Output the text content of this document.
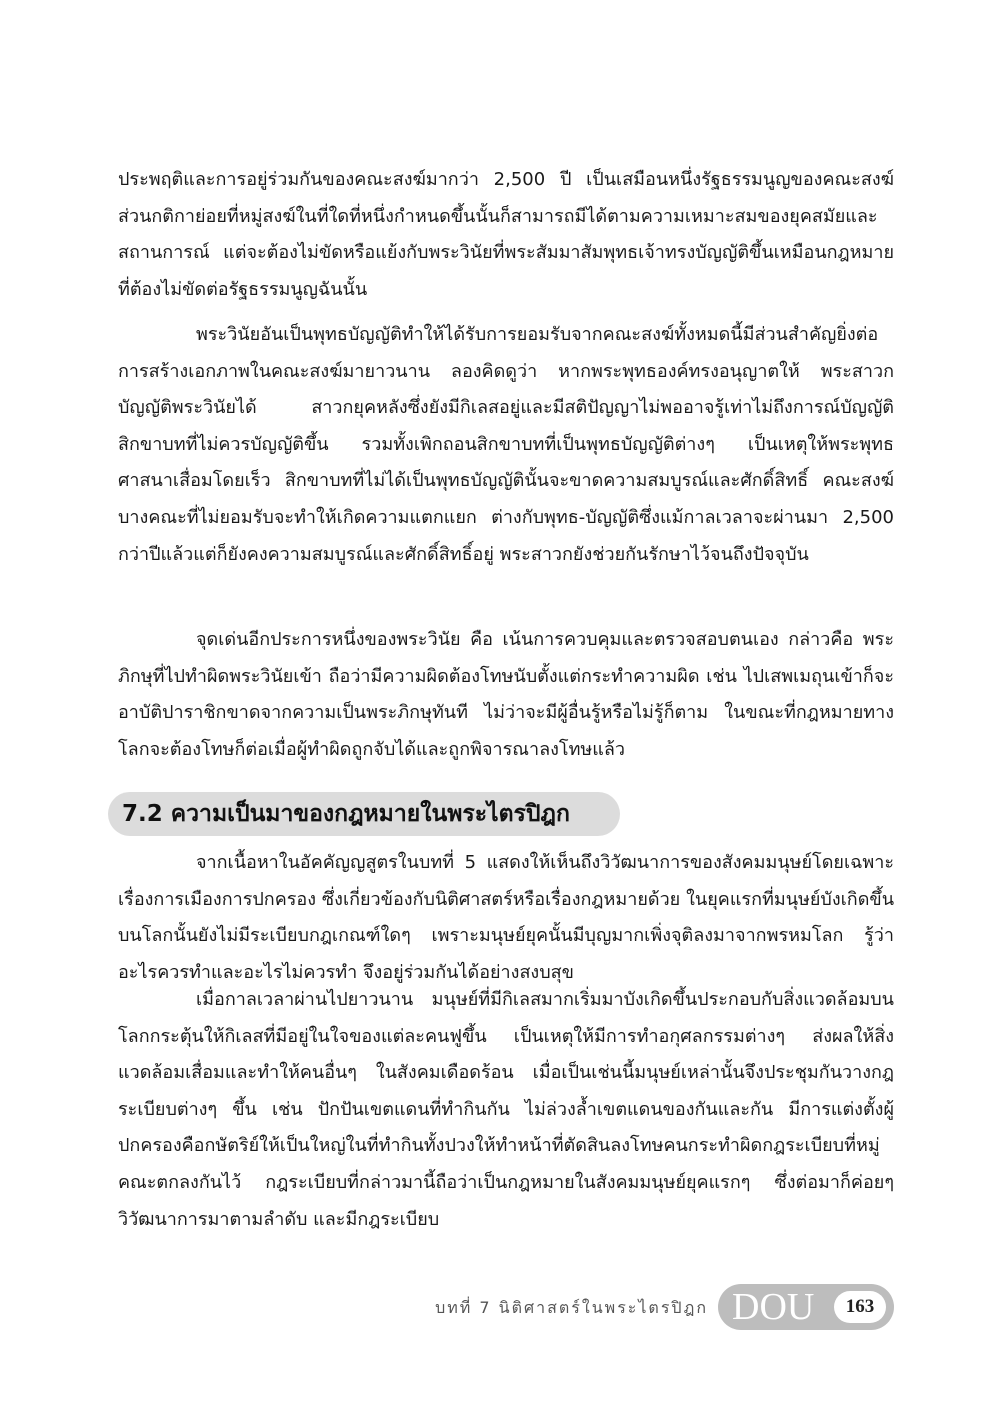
ประพฤติและการอยู่ร่วมกันของคณะสงฆ์มากว่า 2,500 ปี เป็นเสมือนหนึ่งรัฐธรรมนูญของคณะสงฆ์ ส่วนกติกาย่อยที่หมู่สงฆ์ในที่ใดที่หนึ่งกำหนดขึ้นนั้นก็สามารถมีได้ตามความเหมาะสมของยุคสมัยและสถานการณ์ แต่จะต้องไม่ขัดหรือแย้งกับพระวินัยที่พระสัมมาสัมพุทธเจ้าทรงบัญญัติขึ้นเหมือนกฎหมายที่ต้องไม่ขัดต่อรัฐธรรมนูญฉันนั้น

พระวินัยอันเป็นพุทธบัญญัติทำให้ได้รับการยอมรับจากคณะสงฆ์ทั้งหมดนี้มีส่วนสำคัญยิ่งต่อการสร้างเอกภาพในคณะสงฆ์มายาวนาน ลองคิดดูว่า หากพระพุทธองค์ทรงอนุญาตให้ พระสาวกบัญญัติพระวินัยได้ สาวกยุคหลังซึ่งยังมีกิเลสอยู่และมีสติปัญญาไม่พออาจรู้เท่าไม่ถึงการณ์บัญญัติสิกขาบทที่ไม่ควรบัญญัติขึ้น รวมทั้งเพิกถอนสิกขาบทที่เป็นพุทธบัญญัติต่างๆ เป็นเหตุให้พระพุทธศาสนาเสื่อมโดยเร็ว สิกขาบทที่ไม่ได้เป็นพุทธบัญญัตินั้นจะขาดความสมบูรณ์และศักดิ์สิทธิ์ คณะสงฆ์บางคณะที่ไม่ยอมรับจะทำให้เกิดความแตกแยก ต่างกับพุทธ-บัญญัติซึ่งแม้กาลเวลาจะผ่านมา 2,500 กว่าปีแล้วแต่ก็ยังคงความสมบูรณ์และศักดิ์สิทธิ์อยู่ พระสาวกยังช่วยกันรักษาไว้จนถึงปัจจุบัน

จุดเด่นอีกประการหนึ่งของพระวินัย คือ เน้นการควบคุมและตรวจสอบตนเอง กล่าวคือ พระภิกษุที่ไปทำผิดพระวินัยเข้า ถือว่ามีความผิดต้องโทษนับตั้งแต่กระทำความผิด เช่น ไปเสพเมถุนเข้าก็จะอาบัติปาราชิกขาดจากความเป็นพระภิกษุทันที ไม่ว่าจะมีผู้อื่นรู้หรือไม่รู้ก็ตาม ในขณะที่กฎหมายทางโลกจะต้องโทษก็ต่อเมื่อผู้ทำผิดถูกจับได้และถูกพิจารณาลงโทษแล้ว

7.2 ความเป็นมาของกฎหมายในพระไตรปิฎก

จากเนื้อหาในอัคคัญญสูตรในบทที่ 5 แสดงให้เห็นถึงวิวัฒนาการของสังคมมนุษย์โดยเฉพาะเรื่องการเมืองการปกครอง ซึ่งเกี่ยวข้องกับนิติศาสตร์หรือเรื่องกฎหมายด้วย ในยุคแรกที่มนุษย์บังเกิดขึ้นบนโลกนั้นยังไม่มีระเบียบกฎเกณฑ์ใดๆ เพราะมนุษย์ยุคนั้นมีบุญมากเพิ่งจุติลงมาจากพรหมโลก รู้ว่าอะไรควรทำและอะไรไม่ควรทำ จึงอยู่ร่วมกันได้อย่างสงบสุข

เมื่อกาลเวลาผ่านไปยาวนาน มนุษย์ที่มีกิเลสมากเริ่มมาบังเกิดขึ้นประกอบกับสิ่งแวดล้อมบนโลกกระตุ้นให้กิเลสที่มีอยู่ในใจของแต่ละคนฟูขึ้น เป็นเหตุให้มีการทำอกุศลกรรมต่างๆ ส่งผลให้สิ่งแวดล้อมเสื่อมและทำให้คนอื่นๆ ในสังคมเดือดร้อน เมื่อเป็นเช่นนี้มนุษย์เหล่านั้นจึงประชุมกันวางกฎระเบียบต่างๆ ขึ้น เช่น ปักปันเขตแดนที่ทำกินกัน ไม่ล่วงล้ำเขตแดนของกันและกัน มีการแต่งตั้งผู้ปกครองคือกษัตริย์ให้เป็นใหญ่ในที่ทำกินทั้งปวงให้ทำหน้าที่ตัดสินลงโทษคนกระทำผิดกฎระเบียบที่หมู่คณะตกลงกันไว้ กฎระเบียบที่กล่าวมานี้ถือว่าเป็นกฎหมายในสังคมมนุษย์ยุคแรกๆ ซึ่งต่อมาก็ค่อยๆ วิวัฒนาการมาตามลำดับ และมีกฎระเบียบ

บทที่ 7 นิติศาสตร์ในพระไตรปิฎก DOU	163
